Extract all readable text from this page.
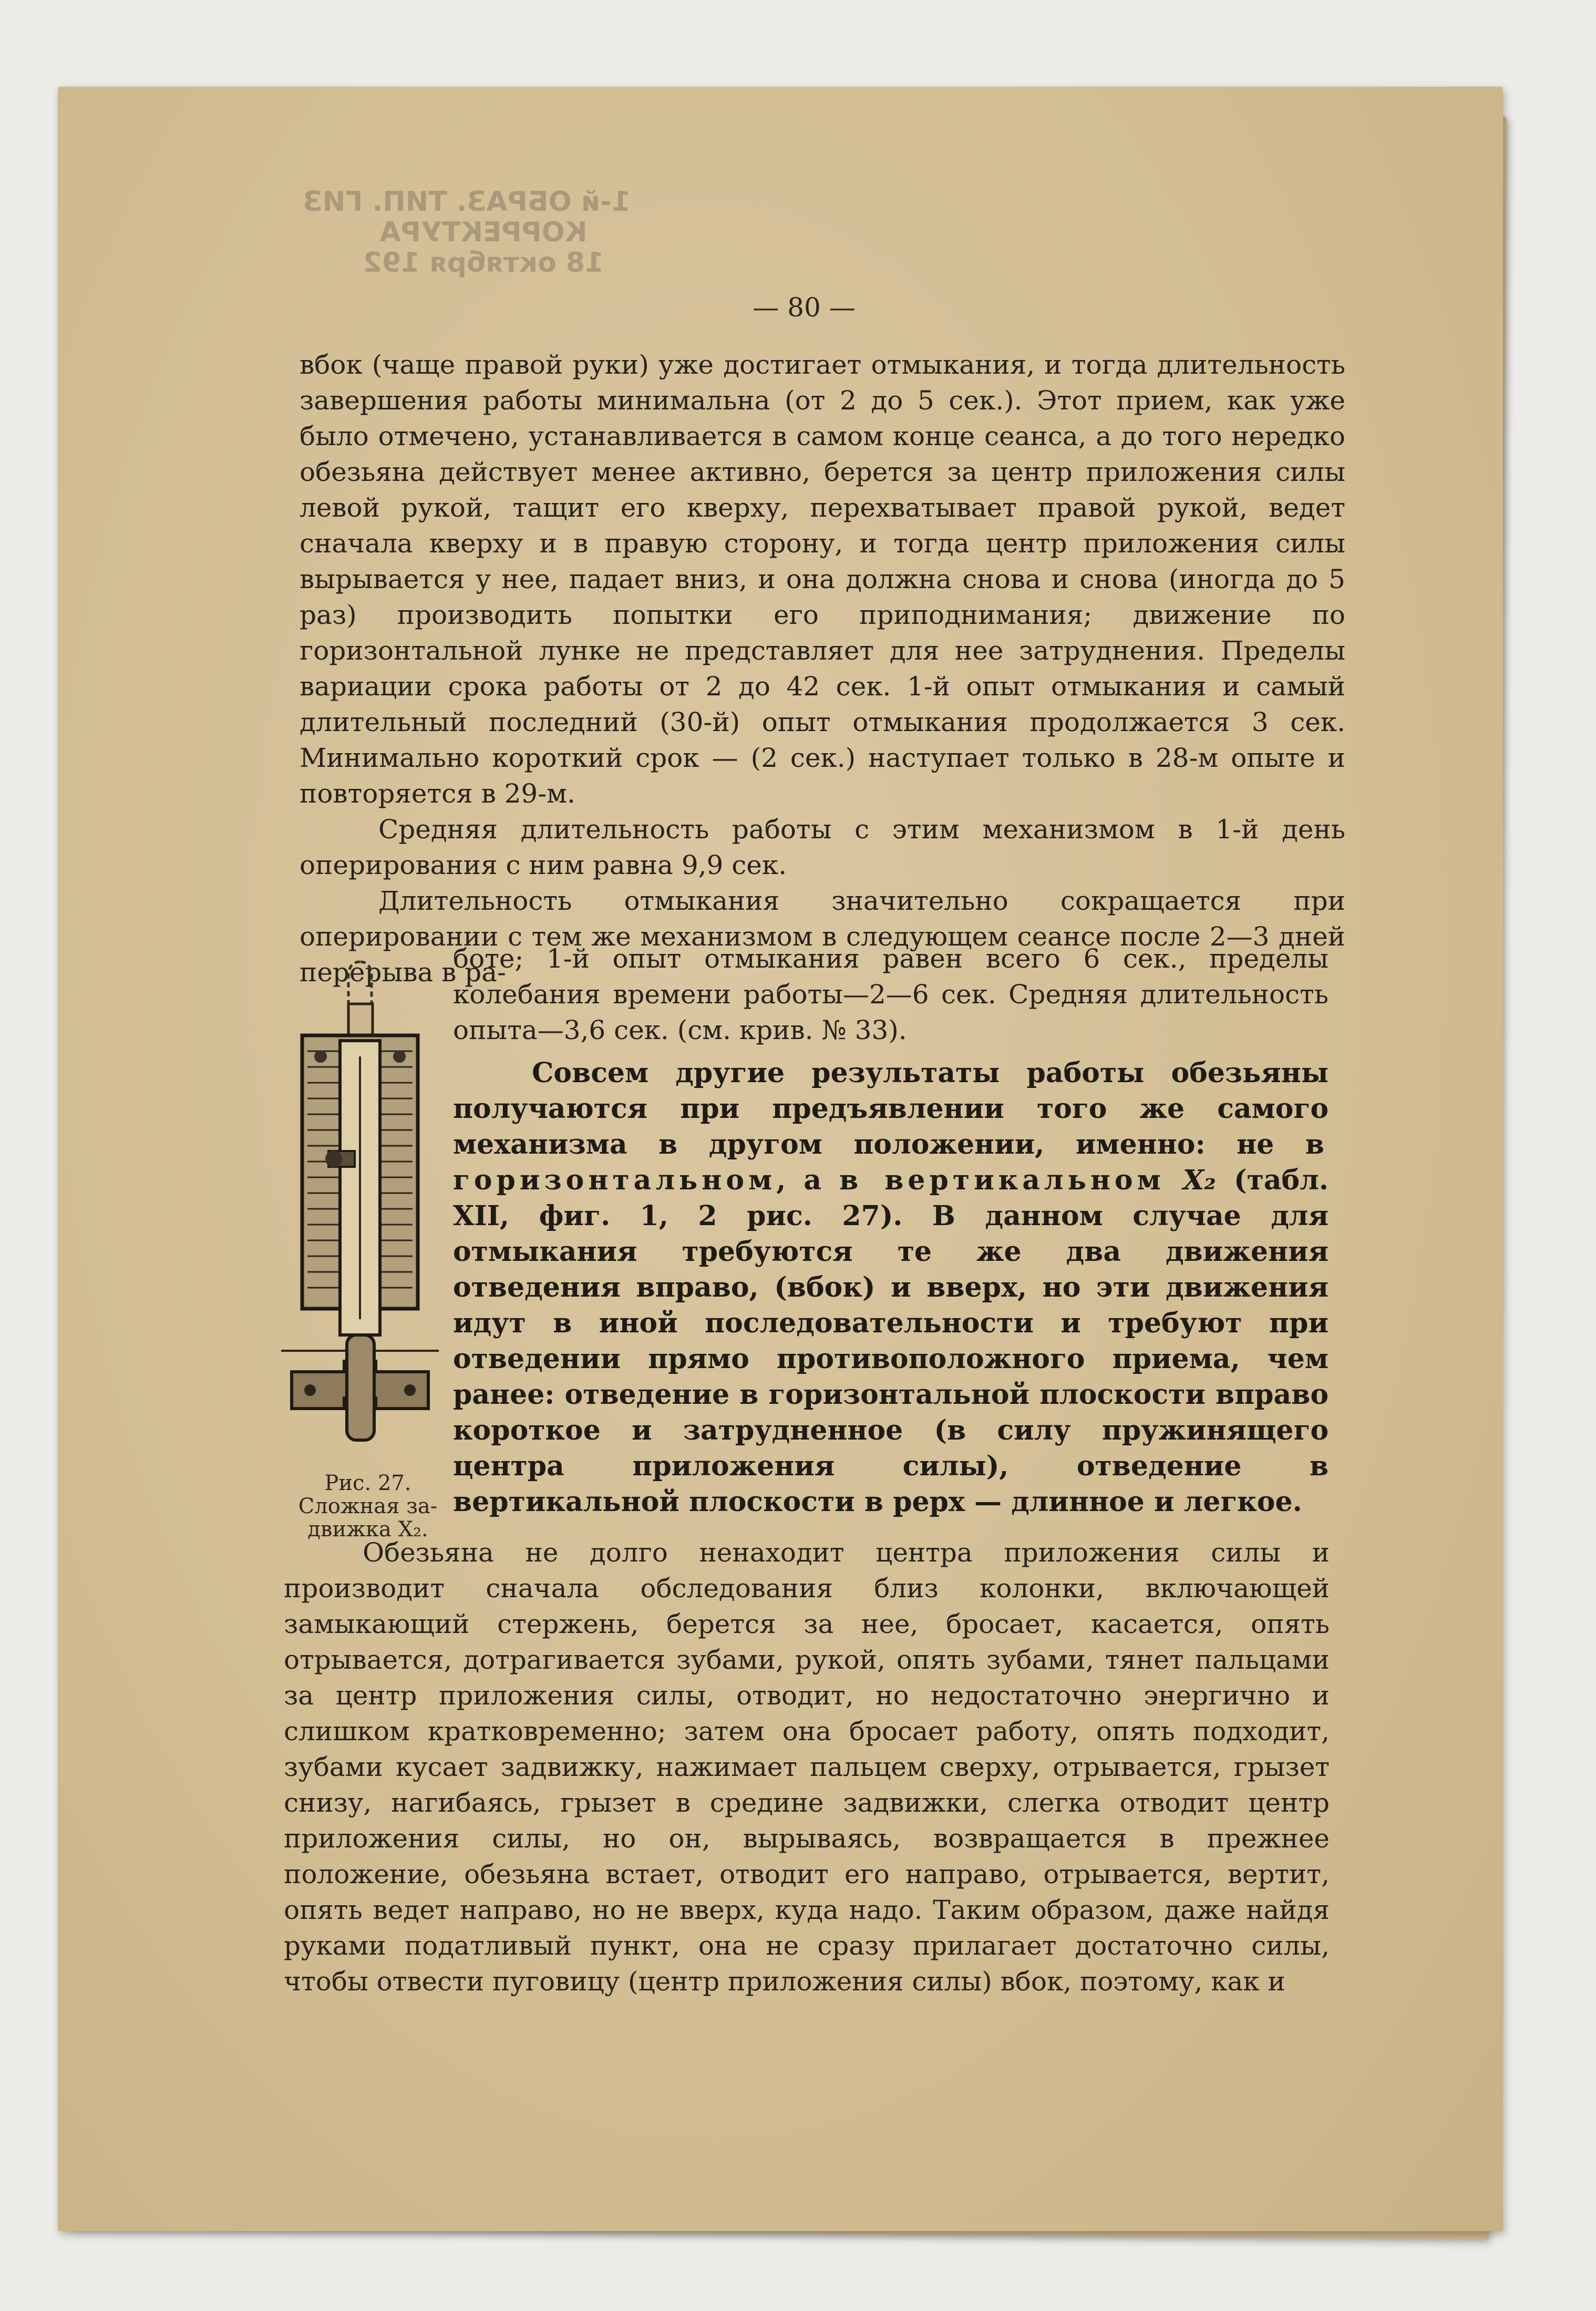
1-й ОБРАЗ. ТИП. ГИЗ
КОРРЕКТУРА
18 октября 192
— 80 —

вбок (чаще правой руки) уже достигает отмыкания, и тогда длительность завершения работы минимальна (от 2 до 5 сек.). Этот прием, как уже было отмечено, устанавливается в самом конце сеанса, а до того нередко обезьяна действует менее активно, берется за центр приложения силы левой рукой, тащит его кверху, перехватывает правой рукой, ведет сначала кверху и в правую сторону, и тогда центр приложения силы вырывается у нее, падает вниз, и она должна снова и снова (иногда до 5 раз) производить попытки его приподнимания; движение по горизонтальной лунке не представляет для нее затруднения. Пределы вариации срока работы от 2 до 42 сек. 1-й опыт отмыкания и самый длительный последний (30-й) опыт отмыкания продолжается 3 сек. Минимально короткий срок — (2 сек.) наступает только в 28-м опыте и повторяется в 29-м.

Средняя длительность работы с этим механизмом в 1-й день оперирования с ним равна 9,9 сек.

Длительность отмыкания значительно сокращается при оперировании с тем же механизмом в следующем сеансе после 2—3 дней перерыва в ра-

Рис. 27.
Сложная за-
движка X₂.

боте; 1-й опыт отмыкания равен всего 6 сек., пределы колебания времени работы—2—6 сек. Средняя длительность опыта—3,6 сек. (см. крив. № 33).

Совсем другие результаты работы обезьяны получаются при предъявлении того же самого механизма в другом положении, именно: не в горизонтальном, а в вертикальном X₂ (табл. XII, фиг. 1, 2 рис. 27). В данном случае для отмыкания требуются те же два движения отведения вправо, (вбок) и вверх, но эти движения идут в иной последовательности и требуют при отведении прямо противоположного приема, чем ранее: отведение в горизонтальной плоскости вправо короткое и затрудненное (в силу пружинящего центра приложения силы), отведение в вертикальной плоскости в рерх — длинное и легкое.

Обезьяна не долго ненаходит центра приложения силы и производит сначала обследования близ колонки, включающей замыкающий стержень, берется за нее, бросает, касается, опять отрывается, дотрагивается зубами, рукой, опять зубами, тянет пальцами за центр приложения силы, отводит, но недостаточно энергично и слишком кратковременно; затем она бросает работу, опять подходит, зубами кусает задвижку, нажимает пальцем сверху, отрывается, грызет снизу, нагибаясь, грызет в средине задвижки, слегка отводит центр приложения силы, но он, вырываясь, возвращается в прежнее положение, обезьяна встает, отводит его направо, отрывается, вертит, опять ведет направо, но не вверх, куда надо. Таким образом, даже найдя руками податливый пункт, она не сразу прилагает достаточно силы, чтобы отвести пуговицу (центр приложения силы) вбок, поэтому, как и
